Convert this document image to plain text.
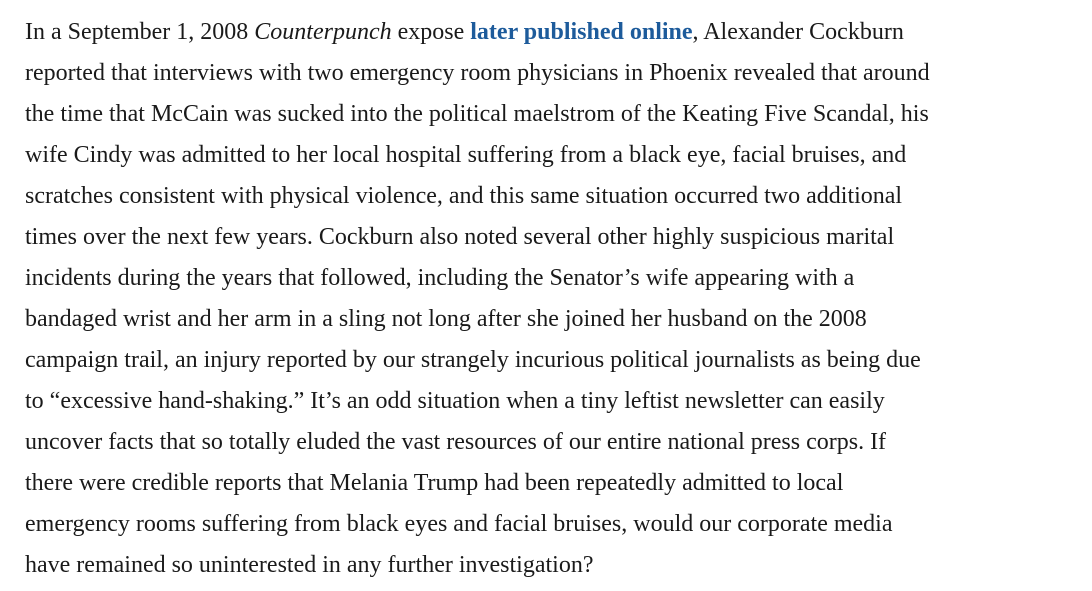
In a September 1, 2008 Counterpunch expose later published online, Alexander Cockburn
reported that interviews with two emergency room physicians in Phoenix revealed that around
the time that McCain was sucked into the political maelstrom of the Keating Five Scandal, his
wife Cindy was admitted to her local hospital suffering from a black eye, facial bruises, and
scratches consistent with physical violence, and this same situation occurred two additional
times over the next few years. Cockburn also noted several other highly suspicious marital
incidents during the years that followed, including the Senator’s wife appearing with a
bandaged wrist and her arm in a sling not long after she joined her husband on the 2008
campaign trail, an injury reported by our strangely incurious political journalists as being due
to “excessive hand-shaking.” It’s an odd situation when a tiny leftist newsletter can easily
uncover facts that so totally eluded the vast resources of our entire national press corps. If
there were credible reports that Melania Trump had been repeatedly admitted to local
emergency rooms suffering from black eyes and facial bruises, would our corporate media
have remained so uninterested in any further investigation?
